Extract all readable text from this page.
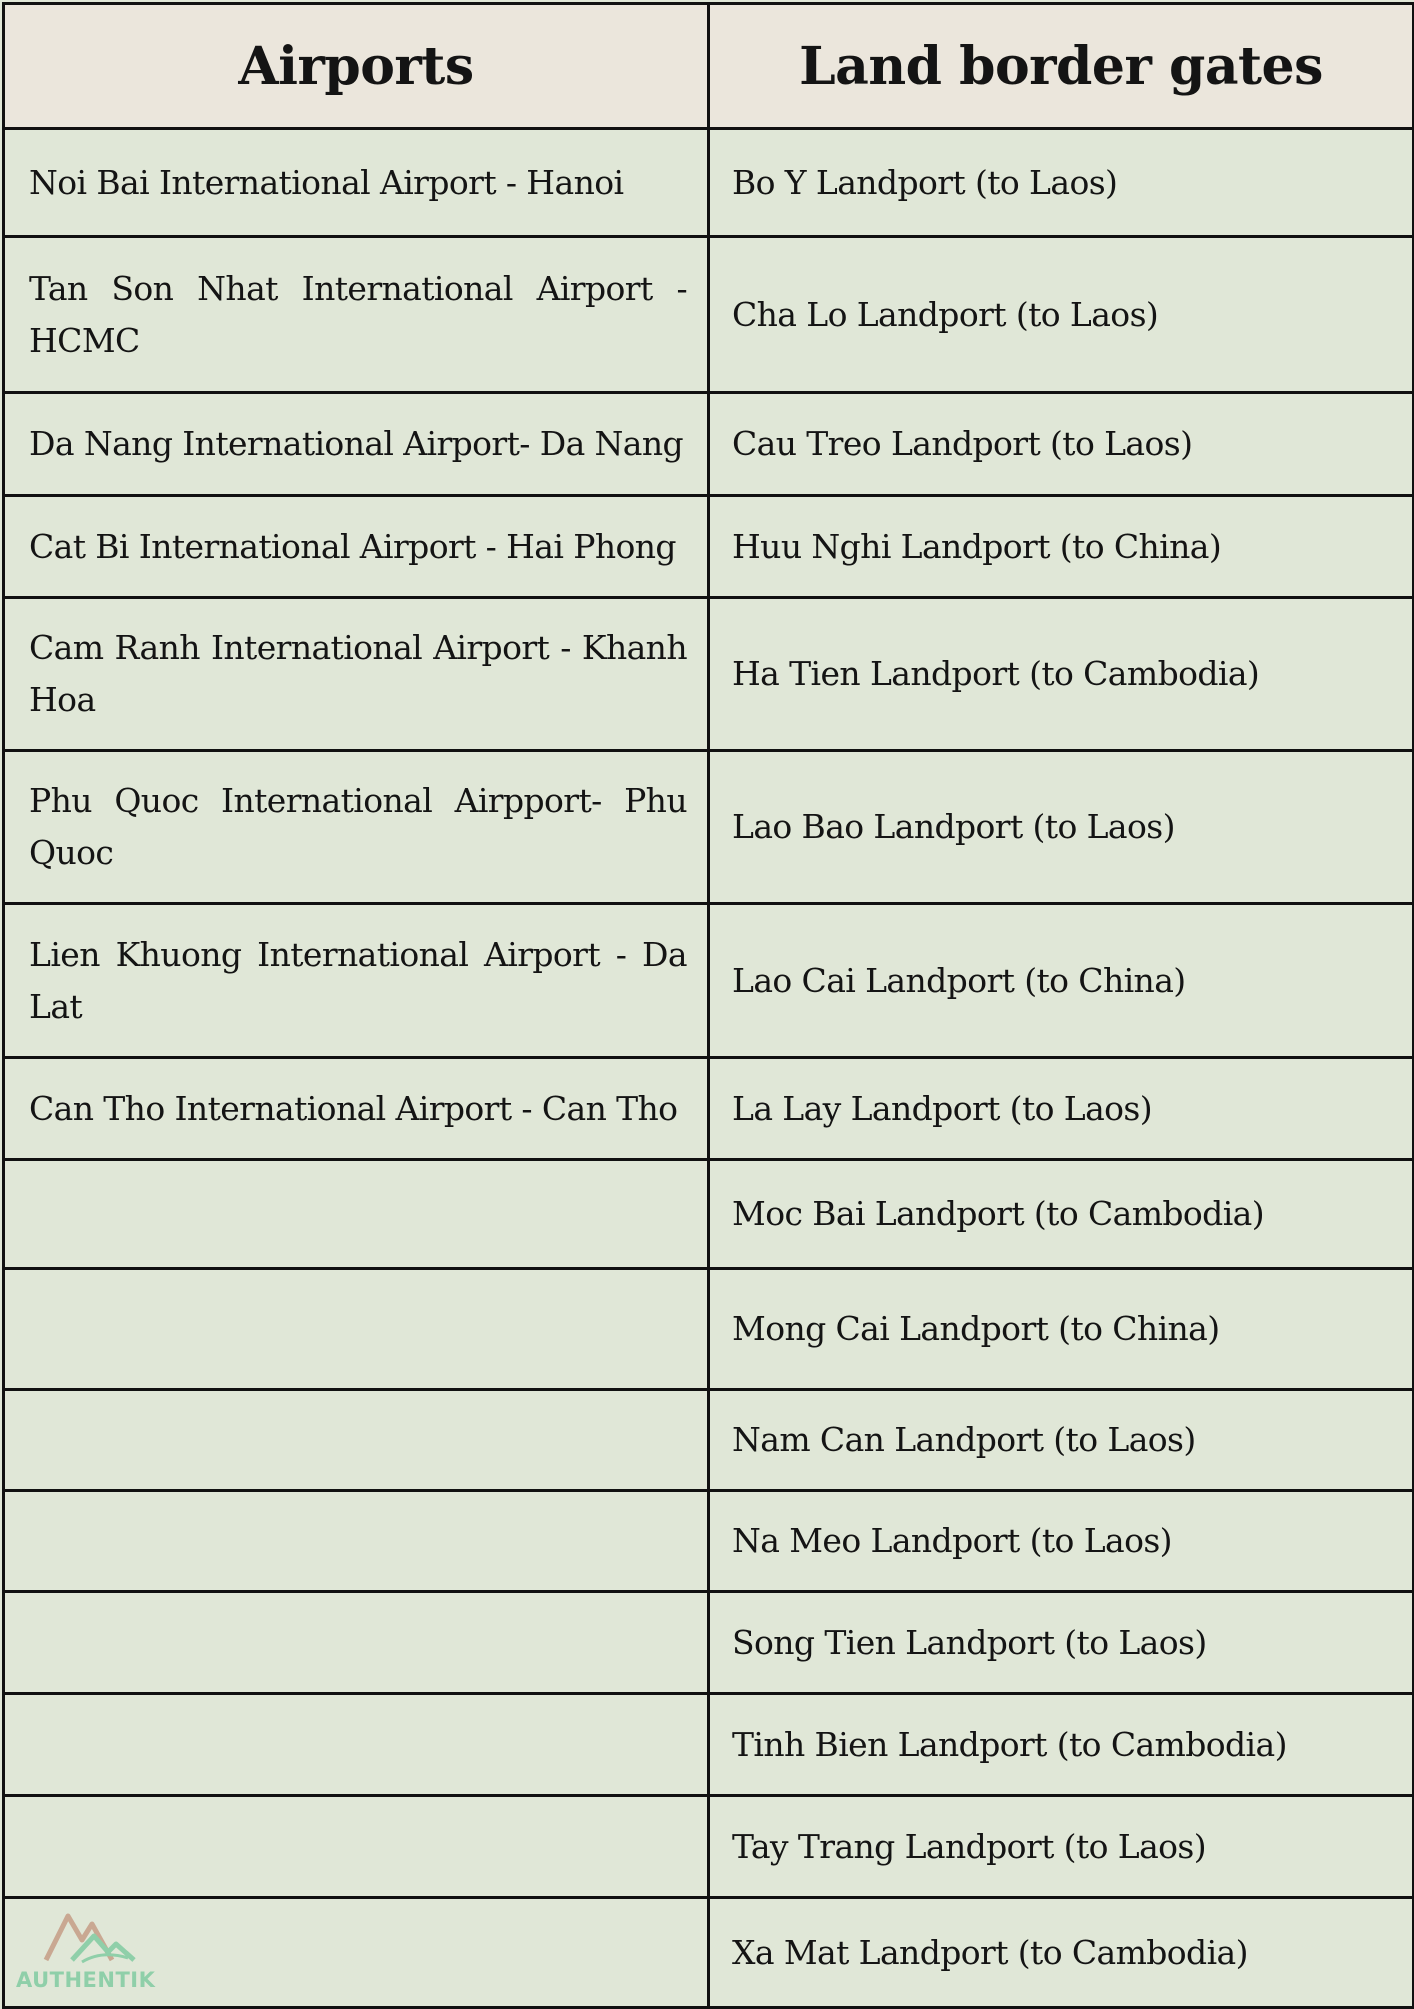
Airports	Land border gates
Noi Bai International Airport - Hanoi	Bo Y Landport (to Laos)
Tan Son Nhat International Airport - HCMC	Cha Lo Landport (to Laos)
Da Nang International Airport- Da Nang	Cau Treo Landport (to Laos)
Cat Bi International Airport - Hai Phong	Huu Nghi Landport (to China)
Cam Ranh International Airport - Khanh Hoa	Ha Tien Landport (to Cambodia)
Phu Quoc International Airpport- Phu Quoc	Lao Bao Landport (to Laos)
Lien Khuong International Airport - Da Lat	Lao Cai Landport (to China)
Can Tho International Airport - Can Tho	La Lay Landport (to Laos)
	Moc Bai Landport (to Cambodia)
	Mong Cai Landport (to China)
	Nam Can Landport (to Laos)
	Na Meo Landport (to Laos)
	Song Tien Landport (to Laos)
	Tinh Bien Landport (to Cambodia)
	Tay Trang Landport (to Laos)
	Xa Mat Landport (to Cambodia)
AUTHENTIK
